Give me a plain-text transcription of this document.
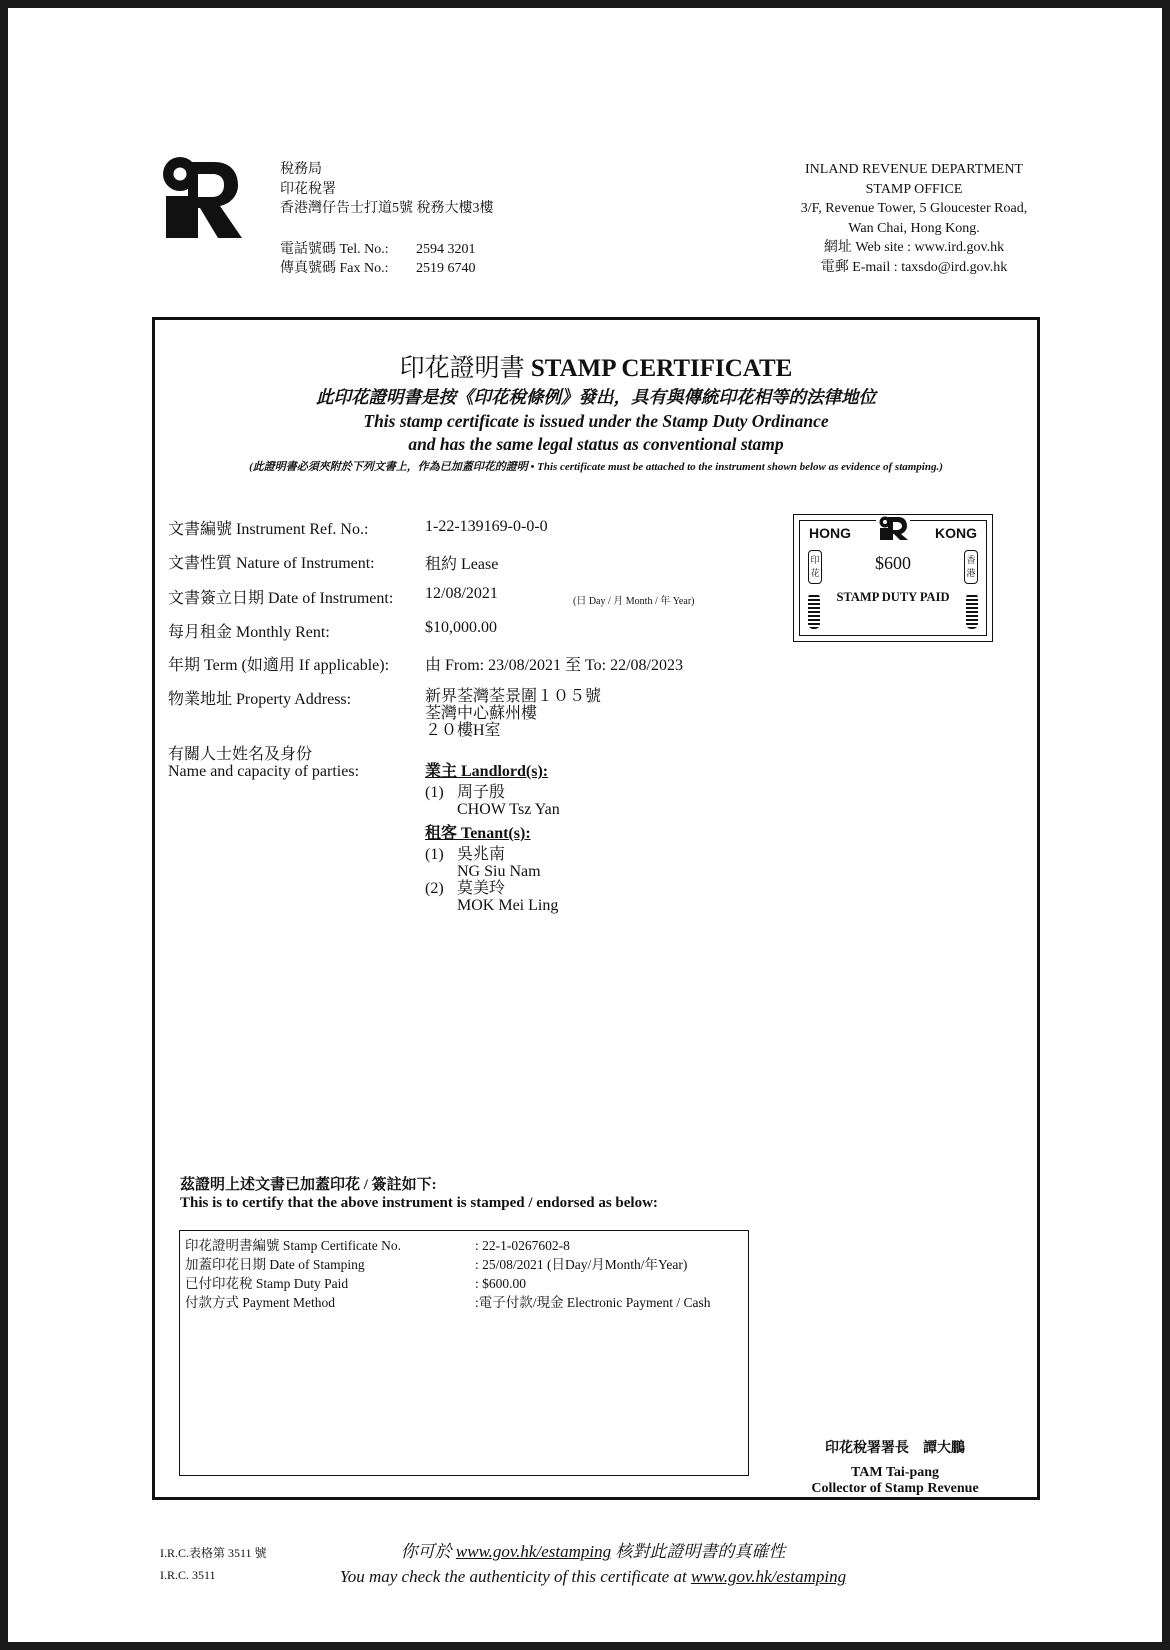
稅務局
印花稅署
香港灣仔告士打道5號 稅務大樓3樓
電話號碼 Tel. No.:	2594 3201
傳真號碼 Fax No.:	2519 6740
INLAND REVENUE DEPARTMENT
STAMP OFFICE
3/F, Revenue Tower, 5 Gloucester Road,
Wan Chai, Hong Kong.
網址 Web site : www.ird.gov.hk
電郵 E-mail : taxsdo@ird.gov.hk
印花證明書 STAMP CERTIFICATE
此印花證明書是按《印花稅條例》發出，具有與傳統印花相等的法律地位
This stamp certificate is issued under the Stamp Duty Ordinance
and has the same legal status as conventional stamp
(此證明書必須夾附於下列文書上，作為已加蓋印花的證明 • This certificate must be attached to the instrument shown below as evidence of stamping.)
文書編號 Instrument Ref. No.:	1-22-139169-0-0-0
文書性質 Nature of Instrument:	租約 Lease
文書簽立日期 Date of Instrument: 12/08/2021	(日 Day / 月 Month / 年 Year)
每月租金 Monthly Rent:	$10,000.00
年期 Term (如適用 If applicable): 由 From: 23/08/2021 至 To: 22/08/2023
物業地址 Property Address:	新界荃灣荃景圍１０５號
荃灣中心蘇州樓
２０樓H室
有關人士姓名及身份
Name and capacity of parties:	業主 Landlord(s):
(1) 周子殷
CHOW Tsz Yan
租客 Tenant(s):
(1) 吳兆南
NG Siu Nam
(2) 莫美玲
MOK Mei Ling
HONG	KONG
印花
香港
$600
STAMP DUTY PAID
茲證明上述文書已加蓋印花 / 簽註如下:
This is to certify that the above instrument is stamped / endorsed as below:
印花證明書編號 Stamp Certificate No.	: 22-1-0267602-8
加蓋印花日期 Date of Stamping	: 25/08/2021 (日Day/月Month/年Year)
已付印花稅 Stamp Duty Paid	: $600.00
付款方式 Payment Method	:電子付款/現金 Electronic Payment / Cash
印花稅署署長　譚大鵬
TAM Tai-pang
Collector of Stamp Revenue
I.R.C.表格第 3511 號
I.R.C. 3511
你可於 www.gov.hk/estamping 核對此證明書的真確性
You may check the authenticity of this certificate at www.gov.hk/estamping
